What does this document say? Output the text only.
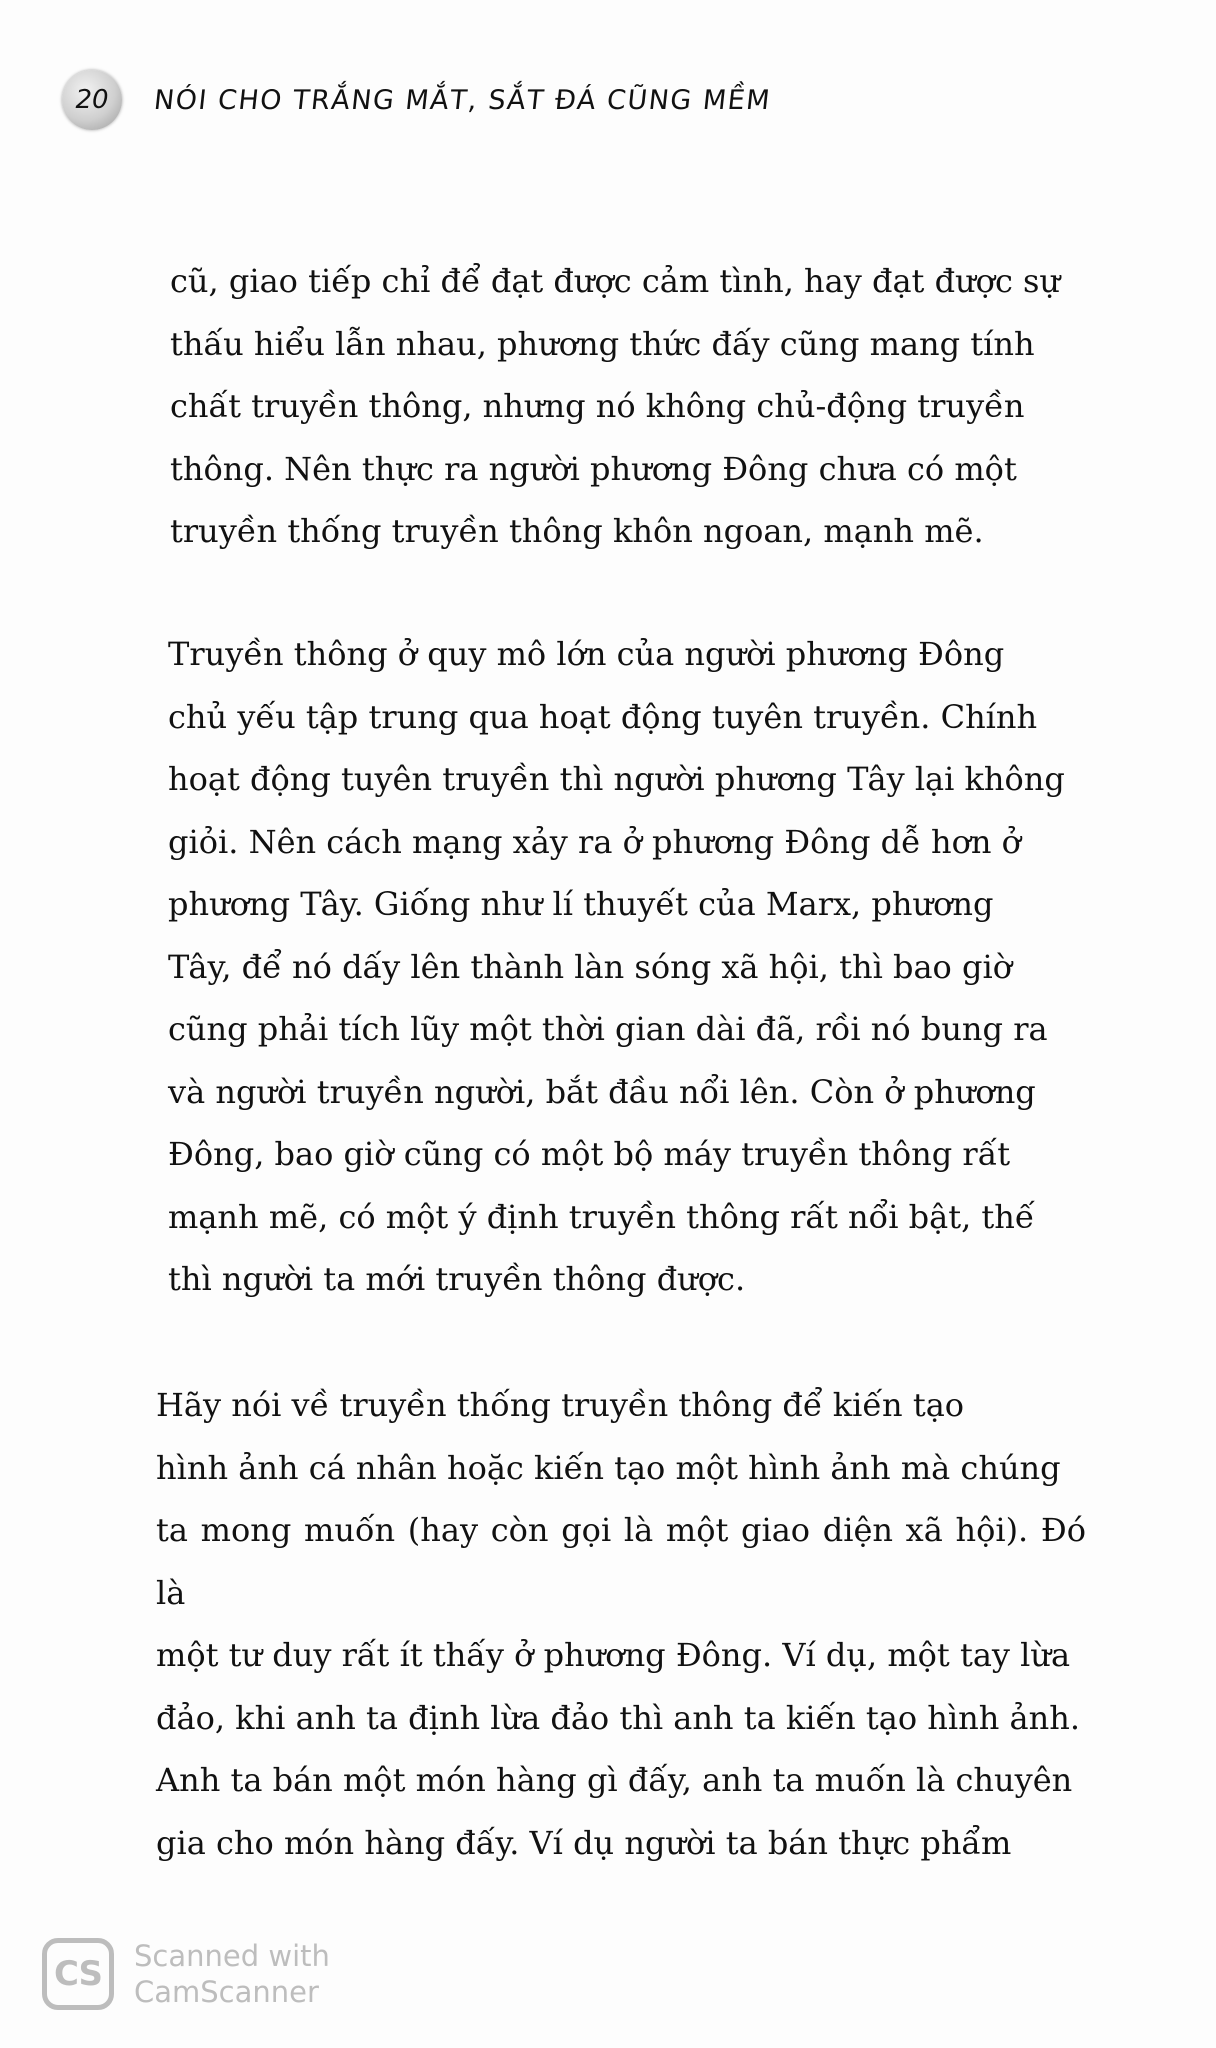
20	NÓI CHO TRẮNG MẮT, SẮT ĐÁ CŨNG MỀM
cũ, giao tiếp chỉ để đạt được cảm tình, hay đạt được sự
thấu hiểu lẫn nhau, phương thức đấy cũng mang tính
chất truyền thông, nhưng nó không chủ-động truyền
thông. Nên thực ra người phương Đông chưa có một
truyền thống truyền thông khôn ngoan, mạnh mẽ.
Truyền thông ở quy mô lớn của người phương Đông
chủ yếu tập trung qua hoạt động tuyên truyền. Chính
hoạt động tuyên truyền thì người phương Tây lại không
giỏi. Nên cách mạng xảy ra ở phương Đông dễ hơn ở
phương Tây. Giống như lí thuyết của Marx, phương
Tây, để nó dấy lên thành làn sóng xã hội, thì bao giờ
cũng phải tích lũy một thời gian dài đã, rồi nó bung ra
và người truyền người, bắt đầu nổi lên. Còn ở phương
Đông, bao giờ cũng có một bộ máy truyền thông rất
mạnh mẽ, có một ý định truyền thông rất nổi bật, thế
thì người ta mới truyền thông được.
Hãy nói về truyền thống truyền thông để kiến tạo
hình ảnh cá nhân hoặc kiến tạo một hình ảnh mà chúng
ta mong muốn (hay còn gọi là một giao diện xã hội). Đó là
một tư duy rất ít thấy ở phương Đông. Ví dụ, một tay lừa
đảo, khi anh ta định lừa đảo thì anh ta kiến tạo hình ảnh.
Anh ta bán một món hàng gì đấy, anh ta muốn là chuyên
gia cho món hàng đấy. Ví dụ người ta bán thực phẩm
CS	Scanned with
CamScanner
